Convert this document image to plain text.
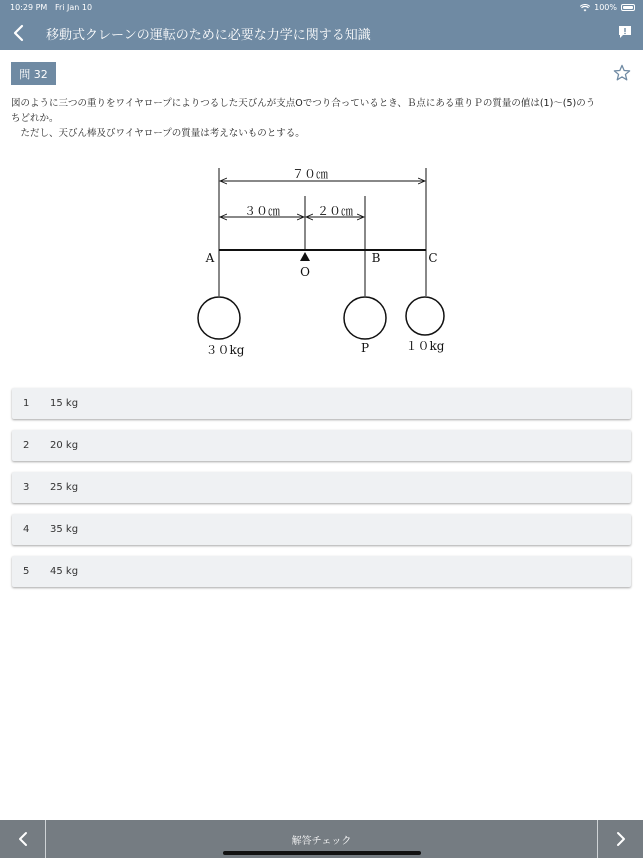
10:29 PM Fri Jan 10	100%
移動式クレーンの運転のために必要な力学に関する知識
問 32

図のように三つの重りをワイヤロープによりつるした天びんが支点Oでつり合っているとき、Ｂ点にある重りＰの質量の値は(1)～(5)のう

ちどれか。

　ただし、天びん棒及びワイヤロープの質量は考えないものとする。

７０㎝
３０㎝	２０㎝
A
O
B	C
３０kg	P	１０kg
1	15 kg
2	20 kg
3	25 kg
4	35 kg
5	45 kg
解答チェック
